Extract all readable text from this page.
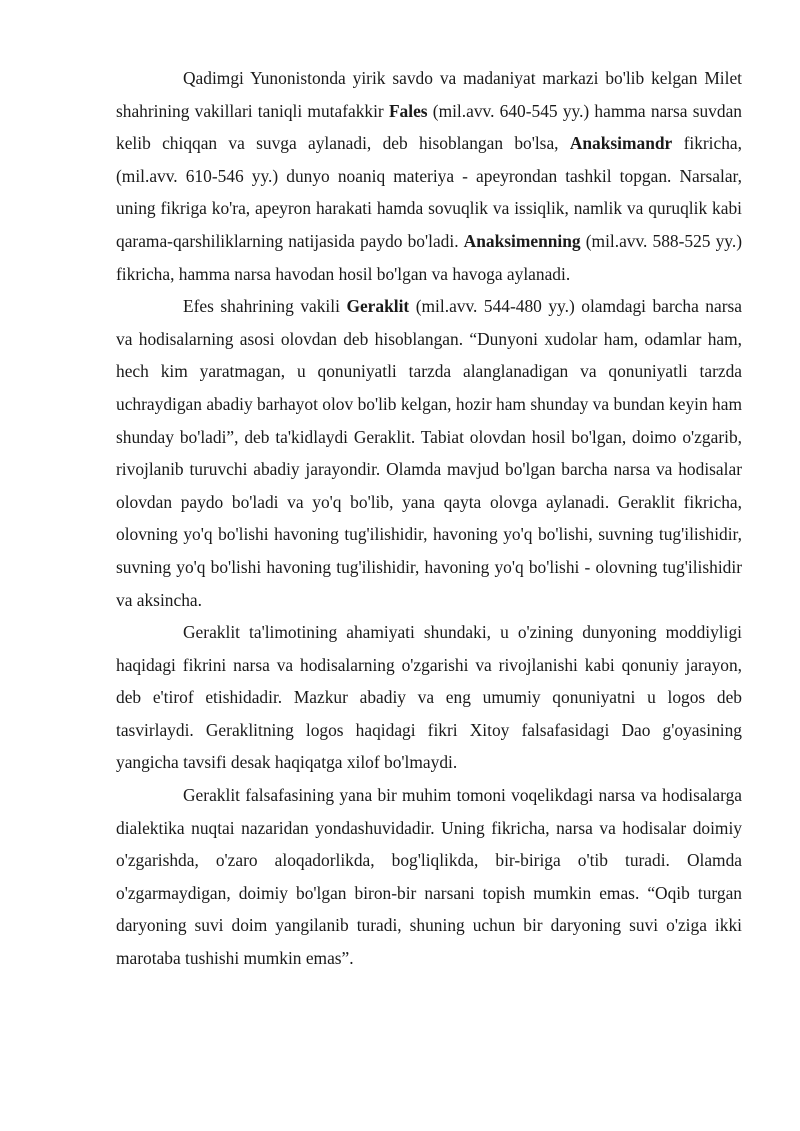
Qadimgi Yunonistonda yirik savdo va madaniyat markazi bo'lib kelgan Milet shahrining vakillari taniqli mutafakkir Fales (mil.avv. 640-545 yy.) hamma narsa suvdan kelib chiqqan va suvga aylanadi, deb hisoblangan bo'lsa, Anaksimandr fikricha, (mil.avv. 610-546 yy.) dunyo noaniq materiya - apeyrondan tashkil topgan. Narsalar, uning fikriga ko'ra, apeyron harakati hamda sovuqlik va issiqlik, namlik va quruqlik kabi qarama-qarshiliklarning natijasida paydo bo'ladi. Anaksimenning (mil.avv. 588-525 yy.) fikricha, hamma narsa havodan hosil bo'lgan va havoga aylanadi.

Efes shahrining vakili Geraklit (mil.avv. 544-480 yy.) olamdagi barcha narsa va hodisalarning asosi olovdan deb hisoblangan. “Dunyoni xudolar ham, odamlar ham, hech kim yaratmagan, u qonuniyatli tarzda alanglanadigan va qonuniyatli tarzda uchraydigan abadiy barhayot olov bo'lib kelgan, hozir ham shunday va bundan keyin ham shunday bo'ladi”, deb ta'kidlaydi Geraklit. Tabiat olovdan hosil bo'lgan, doimo o'zgarib, rivojlanib turuvchi abadiy jarayondir. Olamda mavjud bo'lgan barcha narsa va hodisalar olovdan paydo bo'ladi va yo'q bo'lib, yana qayta olovga aylanadi. Geraklit fikricha, olovning yo'q bo'lishi havoning tug'ilishidir, havoning yo'q bo'lishi, suvning tug'ilishidir, suvning yo'q bo'lishi havoning tug'ilishidir, havoning yo'q bo'lishi - olovning tug'ilishidir va aksincha.

Geraklit ta'limotining ahamiyati shundaki, u o'zining dunyoning moddiyligi haqidagi fikrini narsa va hodisalarning o'zgarishi va rivojlanishi kabi qonuniy jarayon, deb e'tirof etishidadir. Mazkur abadiy va eng umumiy qonuniyatni u logos deb tasvirlaydi. Geraklitning logos haqidagi fikri Xitoy falsafasidagi Dao g'oyasining yangicha tavsifi desak haqiqatga xilof bo'lmaydi.

Geraklit falsafasining yana bir muhim tomoni voqelikdagi narsa va hodisalarga dialektika nuqtai nazaridan yondashuvidadir. Uning fikricha, narsa va hodisalar doimiy o'zgarishda, o'zaro aloqadorlikda, bog'liqlikda, bir-biriga o'tib turadi. Olamda o'zgarmaydigan, doimiy bo'lgan biron-bir narsani topish mumkin emas. “Oqib turgan daryoning suvi doim yangilanib turadi, shuning uchun bir daryoning suvi o'ziga ikki marotaba tushishi mumkin emas”.
